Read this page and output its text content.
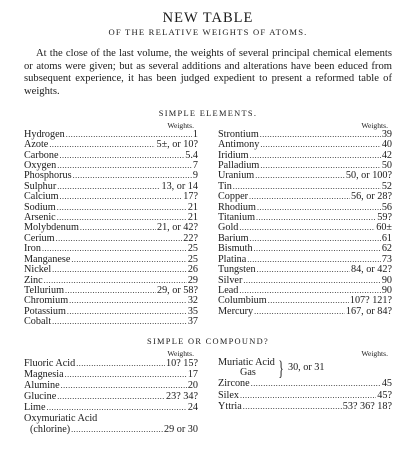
NEW TABLE
OF THE RELATIVE WEIGHTS OF ATOMS.

At the close of the last volume, the weights of several principal chemical elements or atoms were given; but as several additions and alterations have been educed from subsequent experience, it has been judged expedient to present a reformed table of weights.

SIMPLE ELEMENTS.
Weights.
Hydrogen .....	1
Azote .....	5±, or 10?
Carbone .....	5.4
Oxygen .....	7
Phosphorus .....	9
Sulphur .....	13, or 14
Calcium .....	17?
Sodium .....	21
Arsenic .....	21
Molybdenum .....	21, or 42?
Cerium .....	22?
Iron .....	25
Manganese .....	25
Nickel .....	26
Zinc .....	29
Tellurium .....	29, or 58?
Chromium .....	32
Potassium .....	35
Cobalt .....	37
Weights.
Strontium .....	39
Antimony .....	40
Iridium .....	42
Palladium .....	50
Uranium .....	50, or 100?
Tin .....	52
Copper .....	56, or 28?
Rhodium .....	56
Titanium .....	59?
Gold .....	60±
Barium .....	61
Bismuth .....	62
Platina .....	73
Tungsten .....	84, or 42?
Silver .....	90
Lead .....	90
Columbium .....	107? 121?
Mercury .....	167, or 84?
SIMPLE OR COMPOUND?
Weights.
Fluoric Acid .....	10? 15?
Magnesia .....	17
Alumine .....	20
Glucine .....	23? 34?
Lime .....	24
Oxymuriatic Acid
(chlorine) .....	29 or 30
Weights.
Muriatic Acid
Gas	} 30, or 31
Zircone .....	45
Silex .....	45?
Yttria .....	53? 36? 18?
